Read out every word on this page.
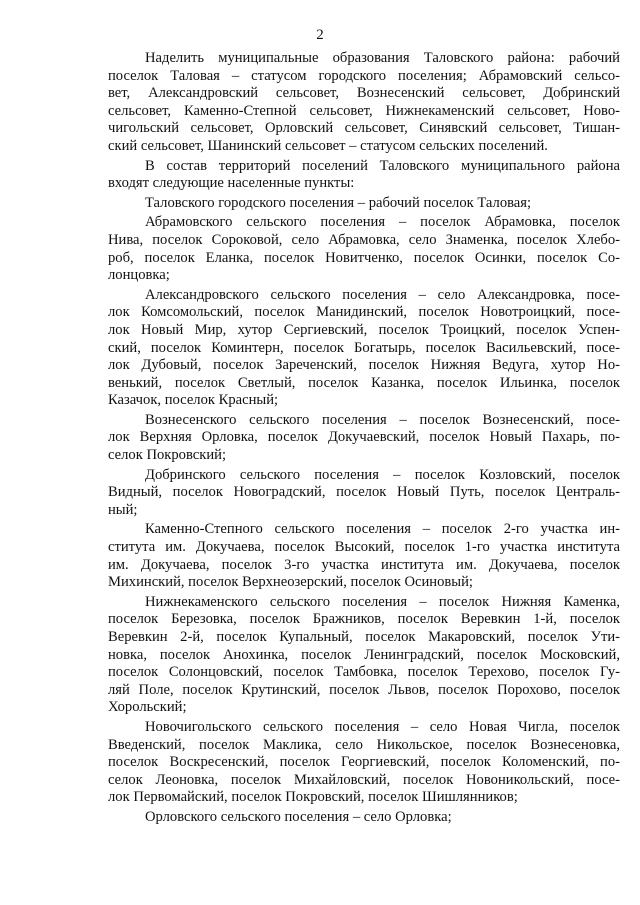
2
Наделить муниципальные образования Таловского района: рабочий
поселок Таловая – статусом городского поселения; Абрамовский сельсо-
вет, Александровский сельсовет, Вознесенский сельсовет, Добринский
сельсовет, Каменно-Степной сельсовет, Нижнекаменский сельсовет, Ново-
чигольский сельсовет, Орловский сельсовет, Синявский сельсовет, Тишан-
ский сельсовет, Шанинский сельсовет – статусом сельских поселений.
В состав территорий поселений Таловского муниципального района
входят следующие населенные пункты:
Таловского городского поселения – рабочий поселок Таловая;
Абрамовского сельского поселения – поселок Абрамовка, поселок
Нива, поселок Сороковой, село Абрамовка, село Знаменка, поселок Хлебо-
роб, поселок Еланка, поселок Новитченко, поселок Осинки, поселок Со-
лонцовка;
Александровского сельского поселения – село Александровка, посе-
лок Комсомольский, поселок Манидинский, поселок Новотроицкий, посе-
лок Новый Мир, хутор Сергиевский, поселок Троицкий, поселок Успен-
ский, поселок Коминтерн, поселок Богатырь, поселок Васильевский, посе-
лок Дубовый, поселок Зареченский, поселок Нижняя Ведуга, хутор Но-
венький, поселок Светлый, поселок Казанка, поселок Ильинка, поселок
Казачок, поселок Красный;
Вознесенского сельского поселения – поселок Вознесенский, посе-
лок Верхняя Орловка, поселок Докучаевский, поселок Новый Пахарь, по-
селок Покровский;
Добринского сельского поселения – поселок Козловский, поселок
Видный, поселок Новоградский, поселок Новый Путь, поселок Централь-
ный;
Каменно-Степного сельского поселения – поселок 2-го участка ин-
ститута им. Докучаева, поселок Высокий, поселок 1-го участка института
им. Докучаева, поселок 3-го участка института им. Докучаева, поселок
Михинский, поселок Верхнеозерский, поселок Осиновый;
Нижнекаменского сельского поселения – поселок Нижняя Каменка,
поселок Березовка, поселок Бражников, поселок Веревкин 1-й, поселок
Веревкин 2-й, поселок Купальный, поселок Макаровский, поселок Ути-
новка, поселок Анохинка, поселок Ленинградский, поселок Московский,
поселок Солонцовский, поселок Тамбовка, поселок Терехово, поселок Гу-
ляй Поле, поселок Крутинский, поселок Львов, поселок Порохово, поселок
Хорольский;
Новочигольского сельского поселения – село Новая Чигла, поселок
Введенский, поселок Маклика, село Никольское, поселок Вознесеновка,
поселок Воскресенский, поселок Георгиевский, поселок Коломенский, по-
селок Леоновка, поселок Михайловский, поселок Новоникольский, посе-
лок Первомайский, поселок Покровский, поселок Шишлянников;
Орловского сельского поселения – село Орловка;
